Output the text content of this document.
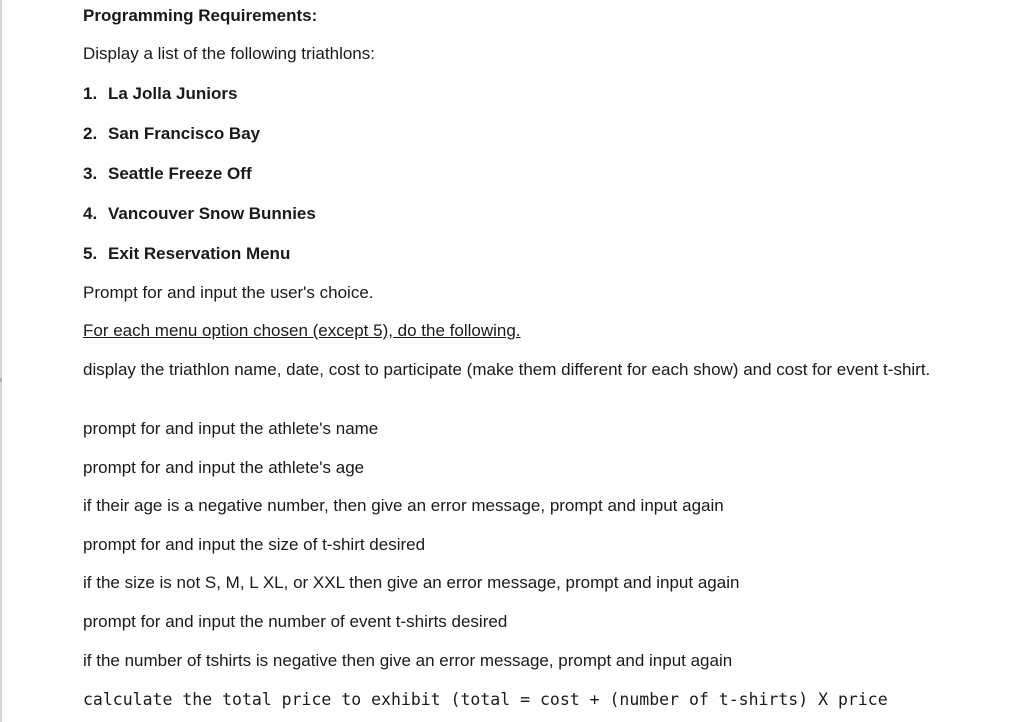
Programming Requirements:
Display a list of the following triathlons:
1. La Jolla Juniors
2. San Francisco Bay
3. Seattle Freeze Off
4. Vancouver Snow Bunnies
5. Exit Reservation Menu
Prompt for and input the user's choice.
For each menu option chosen (except 5), do the following.
display the triathlon name, date, cost to participate (make them different for each show) and cost for event t-shirt.
prompt for and input the athlete's name
prompt for and input the athlete's age
if their age is a negative number, then give an error message, prompt and input again
prompt for and input the size of t-shirt desired
if the size is not S, M, L XL, or XXL then give an error message, prompt and input again
prompt for and input the number of event t-shirts desired
if the number of tshirts is negative then give an error message, prompt and input again
calculate the total price to exhibit (total = cost + (number of t-shirts) X price
